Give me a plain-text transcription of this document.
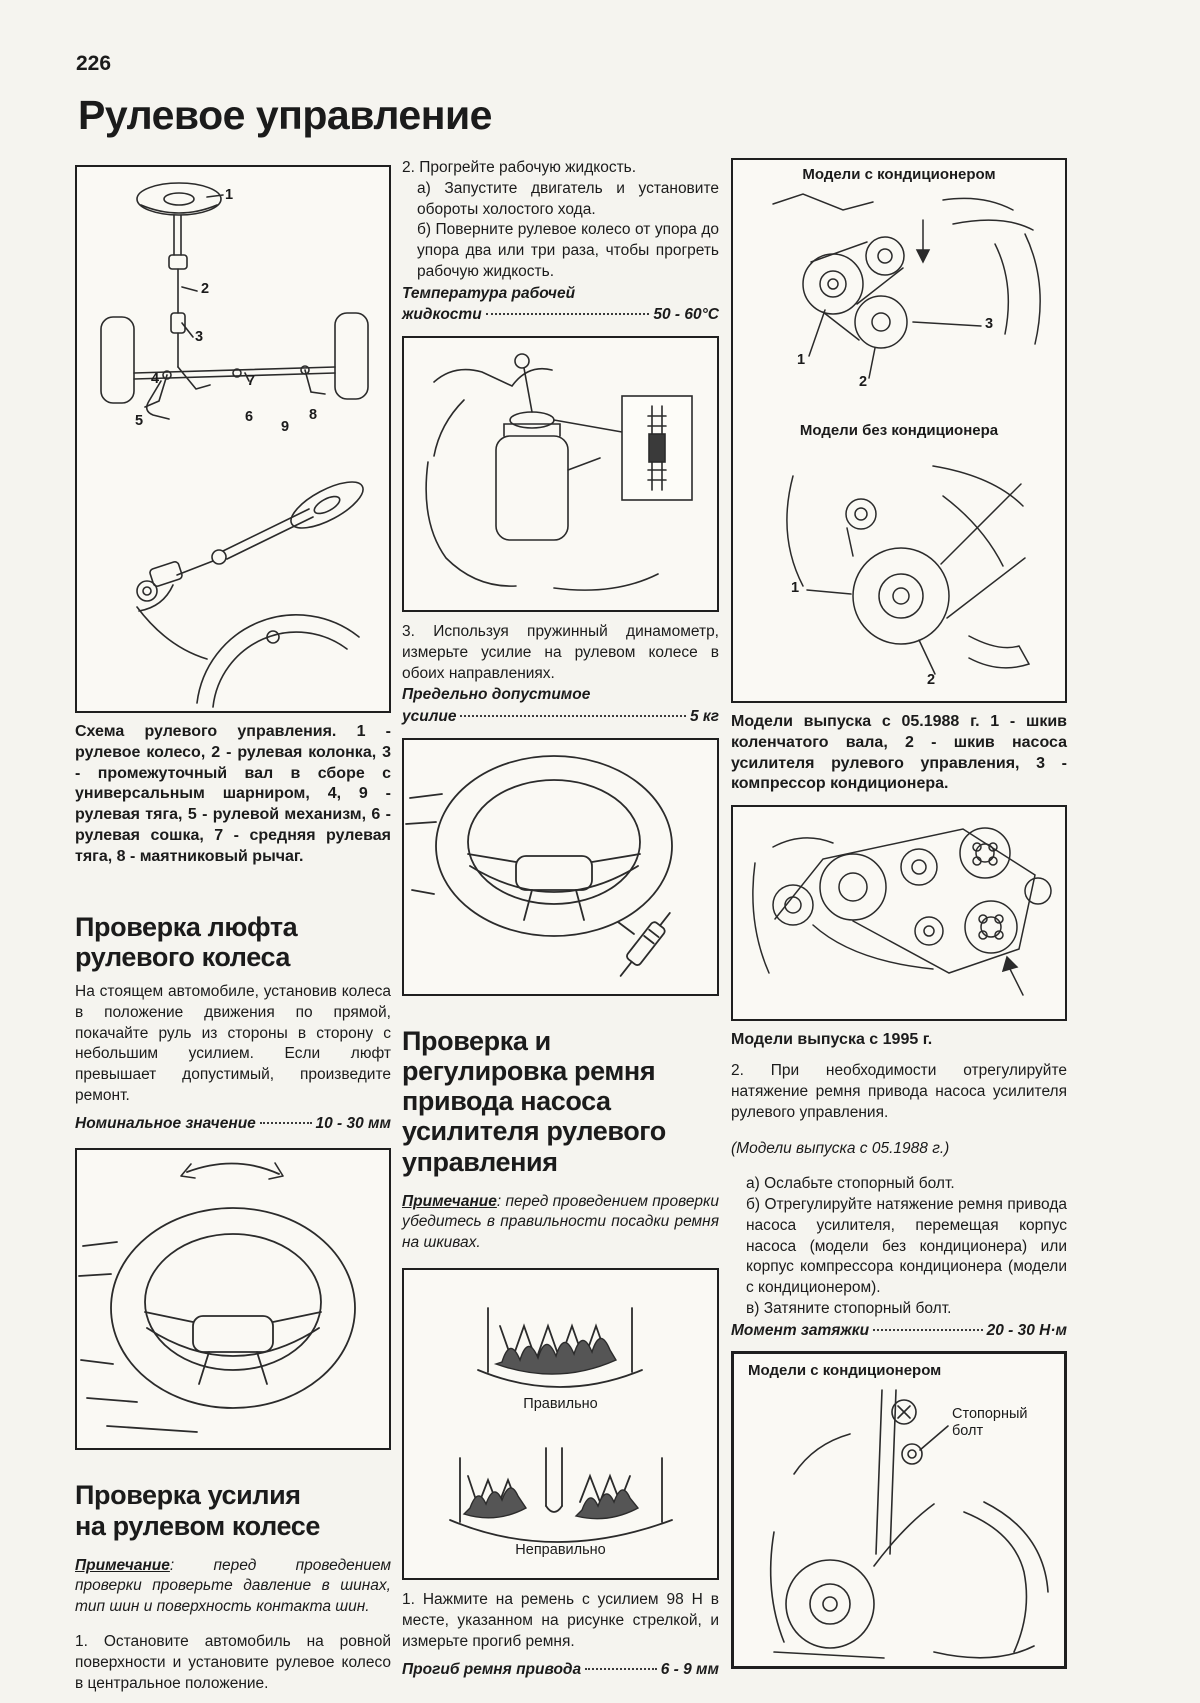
226
Рулевое управление
1
2
3
4
5	6
7
8
9

Схема рулевого управления. 1 - рулевое колесо, 2 - рулевая колонка, 3 - промежуточный вал в сборе с универсальным шарниром, 4, 9 - рулевая тяга, 5 - рулевой механизм, 6 - рулевая сошка, 7 - средняя рулевая тяга, 8 - маятниковый рычаг.

Проверка люфта
рулевого колеса

На стоящем автомобиле, установив колеса в положение движения по прямой, покачайте руль из стороны в сторону с небольшим усилием. Если люфт превышает допустимый, произведите ремонт.

Номинальное значение	10 - 30 мм
Проверка усилия
на рулевом колесе

Примечание: перед проведением проверки проверьте давление в шинах, тип шин и поверхность контакта шин.

1. Остановите автомобиль на ровной поверхности и установите рулевое колесо в центральное положение.

2. Прогрейте рабочую жидкость.

а) Запустите двигатель и установите обороты холостого хода.

б) Поверните рулевое колесо от упора до упора два или три раза, чтобы прогреть рабочую жидкость.

Температура рабочей
жидкости	50 - 60°С

3. Используя пружинный динамометр, измерьте усилие на рулевом колесе в обоих направлениях.

Предельно допустимое
усилие	5 кг
Проверка и регулировка ремня привода насоса усилителя рулевого управления

Примечание: перед проведением проверки убедитесь в правильности посадки ремня на шкивах.

Правильно
Неправильно

1. Нажмите на ремень с усилием 98 Н в месте, указанном на рисунке стрелкой, и измерьте прогиб ремня.

Прогиб ремня привода	6 - 9 мм
Модели с кондиционером
Модели без кондиционера
1
2
3
1
2

Модели выпуска с 05.1988 г. 1 - шкив коленчатого вала, 2 - шкив насоса усилителя рулевого управления, 3 - компрессор кондиционера.

Модели выпуска с 1995 г.

2. При необходимости отрегулируйте натяжение ремня привода насоса усилителя рулевого управления.

(Модели выпуска с 05.1988 г.)

а) Ослабьте стопорный болт.

б) Отрегулируйте натяжение ремня привода насоса усилителя, перемещая корпус насоса (модели без кондиционера) или корпус компрессора кондиционера (модели с кондиционером).

в) Затяните стопорный болт.

Момент затяжки	20 - 30 Н·м
Модели с кондиционером
Стопорный
болт
